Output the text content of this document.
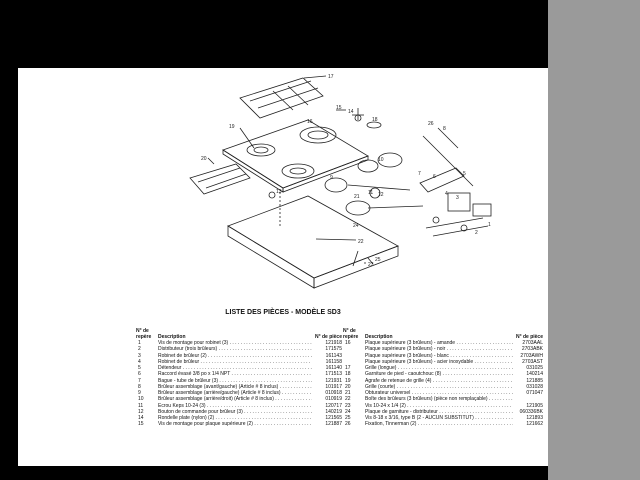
17
19
15
14
16	18
20	10
9
11
13	12
26
8
7 6	5
4
3
1
2
21
24
25
22
23
LISTE DES PIÈCES - MODÈLE SD3
N° de repère	Description	N° de pièce
1	Vis de montage pour robinet (3) . . .	121918
2	Distributeur (trois brûleurs) . . .	171575
3	Robinet de brûleur (2) . . .	161143
4	Robinet de brûleur . . .	161158
5	Détendeur . . .	161140
6	Raccord évasé 3/8 po x 1/4 NPT . . .	171513
7	Bague - tube de brûleur (3) . . .	121931
8	Brûleur assemblage (avant/gauche) (Article # 8 inclus) . . .	101917
9	Brûleur assemblage (arrière/gauche) (Article # 8 inclus) . . .	010918
10	Brûleur assemblage (arrière/droit) (Article # 8 inclus) . . .	010919
11	Écrou Keps 10-24 (3) . . .	120717
12	Bouton de commande pour brûleur (3) . . .	140219
14	Rondelle plate (nylon) (2) . . .	121565
15	Vis de montage pour plaque supérieure (2) . . .	121887
N° de repère	Description	N° de pièce
16	Plaque supérieure (3 brûleurs) - amande . . .	2703AAL
Plaque supérieure (3 brûleurs) - noir . . .	2703ABK
Plaque supérieure (3 brûleurs) - blanc . . .	2703AWH
Plaque supérieure (3 brûleurs) - acier inoxydable . . .	2703AST
17	Grille (longue) . . .	031025
18	Garniture de pied - caoutchouc (8) . . .	140214
19	Agrafe de retenue de grille (4) . . .	121885
20	Grille (courte) . . .	031028
21	Obturateur universel . . .	071047
22	Boîte des brûleurs (3 brûleurs) (pièce non remplaçable) . . .
23	Vis 10-24 x 1/4 (2) . . .	121905
24	Plaque de garniture - distributeur . . .	060336BK
25	Vis 8-18 x 3/16, type B (2 - AUCUN SUBSTITUT) . . .	121893
26	Fixation, Tinnerman (2) . . .	121662
